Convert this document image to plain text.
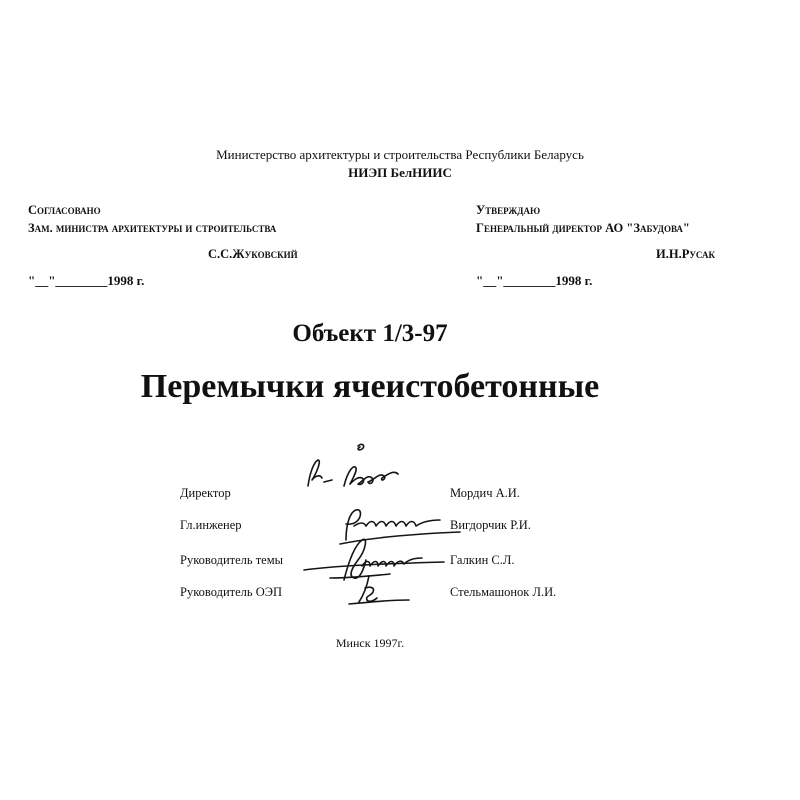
Министерство архитектуры и строительства Республики Беларусь
НИЭП БелНИИС
Согласовано
Зам. министра архитектуры и строительства
С.С.Жуковский
"__"________1998 г.
Утверждаю
Генеральный директор АО "Забудова"
И.Н.Русак
"__"________1998 г.
Объект 1/3-97
Перемычки ячеистобетонные
Директор	Мордич А.И.
Гл.инженер	Вигдорчик Р.И.
Руководитель темы	Галкин С.Л.
Руководитель ОЭП	Стельмашонок Л.И.
Минск 1997г.
